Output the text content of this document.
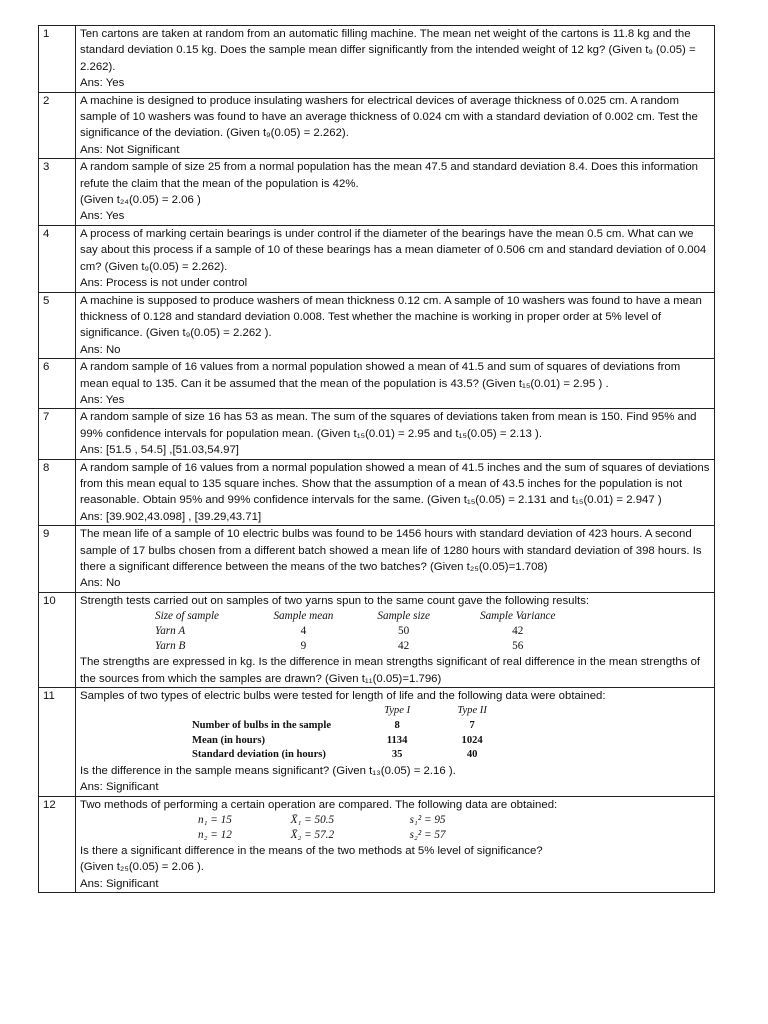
1	Ten cartons are taken at random from an automatic filling machine. The mean net weight of the cartons is 11.8 kg and the standard deviation 0.15 kg. Does the sample mean differ significantly from the intended weight of 12 kg? (Given t₉ (0.05) = 2.262).
Ans: Yes

2	A machine is designed to produce insulating washers for electrical devices of average thickness of 0.025 cm. A random sample of 10 washers was found to have an average thickness of 0.024 cm with a standard deviation of 0.002 cm. Test the significance of the deviation. (Given t₉(0.05) = 2.262).
Ans: Not Significant

3	A random sample of size 25 from a normal population has the mean 47.5 and standard deviation 8.4. Does this information refute the claim that the mean of the population is 42%.
(Given t₂₄(0.05) = 2.06 )
Ans: Yes

4	A process of marking certain bearings is under control if the diameter of the bearings have the mean 0.5 cm. What can we say about this process if a sample of 10 of these bearings has a mean diameter of 0.506 cm and standard deviation of 0.004 cm? (Given t₉(0.05) = 2.262).
Ans: Process is not under control

5	A machine is supposed to produce washers of mean thickness 0.12 cm. A sample of 10 washers was found to have a mean thickness of 0.128 and standard deviation 0.008. Test whether the machine is working in proper order at 5% level of significance. (Given t₉(0.05) = 2.262 ).
Ans: No

6	A random sample of 16 values from a normal population showed a mean of 41.5 and sum of squares of deviations from mean equal to 135. Can it be assumed that the mean of the population is 43.5? (Given t₁₅(0.01) = 2.95 ) .
Ans: Yes

7	A random sample of size 16 has 53 as mean. The sum of the squares of deviations taken from mean is 150. Find 95% and 99% confidence intervals for population mean. (Given t₁₅(0.01) = 2.95 and t₁₅(0.05) = 2.13 ).
Ans: [51.5 , 54.5] ,[51.03,54.97]

8	A random sample of 16 values from a normal population showed a mean of 41.5 inches and the sum of squares of deviations from this mean equal to 135 square inches. Show that the assumption of a mean of 43.5 inches for the population is not reasonable. Obtain 95% and 99% confidence intervals for the same. (Given t₁₅(0.05) = 2.131 and t₁₅(0.01) = 2.947 )
Ans: [39.902,43.098] , [39.29,43.71]

9	The mean life of a sample of 10 electric bulbs was found to be 1456 hours with standard deviation of 423 hours. A second sample of 17 bulbs chosen from a different batch showed a mean life of 1280 hours with standard deviation of 398 hours. Is there a significant difference between the means of the two batches? (Given t₂₅(0.05)=1.708)
Ans: No

10	Strength tests carried out on samples of two yarns spun to the same count gave the following results:
Size of sample	Sample mean	Sample size	Sample Variance
Yarn A	4	50	42
Yarn B	9	42	56
The strengths are expressed in kg. Is the difference in mean strengths significant of real difference in the mean strengths of the sources from which the samples are drawn? (Given t₁₁(0.05)=1.796)

11	Samples of two types of electric bulbs were tested for length of life and the following data were obtained:
	Type I	Type II
Number of bulbs in the sample	8	7
Mean (in hours)	1134	1024
Standard deviation (in hours)	35	40
Is the difference in the sample means significant? (Given t₁₃(0.05) = 2.16 ).
Ans: Significant

12	Two methods of performing a certain operation are compared. The following data are obtained:
n₁ = 15	X̄₁ = 50.5	s₁² = 95
n₂ = 12	X̄₂ = 57.2	s₂² = 57
Is there a significant difference in the means of the two methods at 5% level of significance?
(Given t₂₅(0.05) = 2.06 ).
Ans: Significant
